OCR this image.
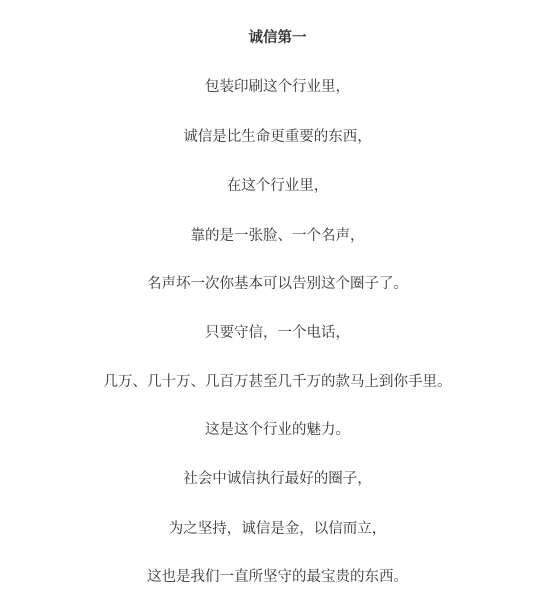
诚信第一
包装印刷这个行业里，
诚信是比生命更重要的东西，
在这个行业里，
靠的是一张脸、一个名声，
名声坏一次你基本可以告别这个圈子了。
只要守信，一个电话，
几万、几十万、几百万甚至几千万的款马上到你手里。
这是这个行业的魅力。
社会中诚信执行最好的圈子，
为之坚持，诚信是金，以信而立，
这也是我们一直所坚守的最宝贵的东西。
